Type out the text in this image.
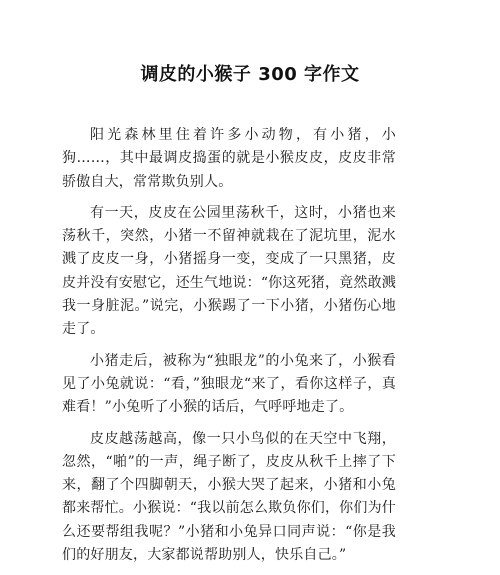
调皮的小猴子 300 字作文

阳光森林里住着许多小动物，有小猪，小狗……，其中最调皮捣蛋的就是小猴皮皮，皮皮非常骄傲自大，常常欺负别人。

有一天，皮皮在公园里荡秋千，这时，小猪也来荡秋千，突然，小猪一不留神就栽在了泥坑里，泥水溅了皮皮一身，小猪摇身一变，变成了一只黑猪，皮皮并没有安慰它，还生气地说：“你这死猪，竟然敢溅我一身脏泥。”说完，小猴踢了一下小猪，小猪伤心地走了。

小猪走后，被称为“独眼龙”的小兔来了，小猴看见了小兔就说：“看，”独眼龙“来了，看你这样子，真难看！”小兔听了小猴的话后，气呼呼地走了。

皮皮越荡越高，像一只小鸟似的在天空中飞翔，忽然，“啪”的一声，绳子断了，皮皮从秋千上摔了下来，翻了个四脚朝天，小猴大哭了起来，小猪和小兔都来帮忙。小猴说：“我以前怎么欺负你们，你们为什么还要帮组我呢？”小猪和小兔异口同声说：“你是我们的好朋友，大家都说帮助别人，快乐自己。”
